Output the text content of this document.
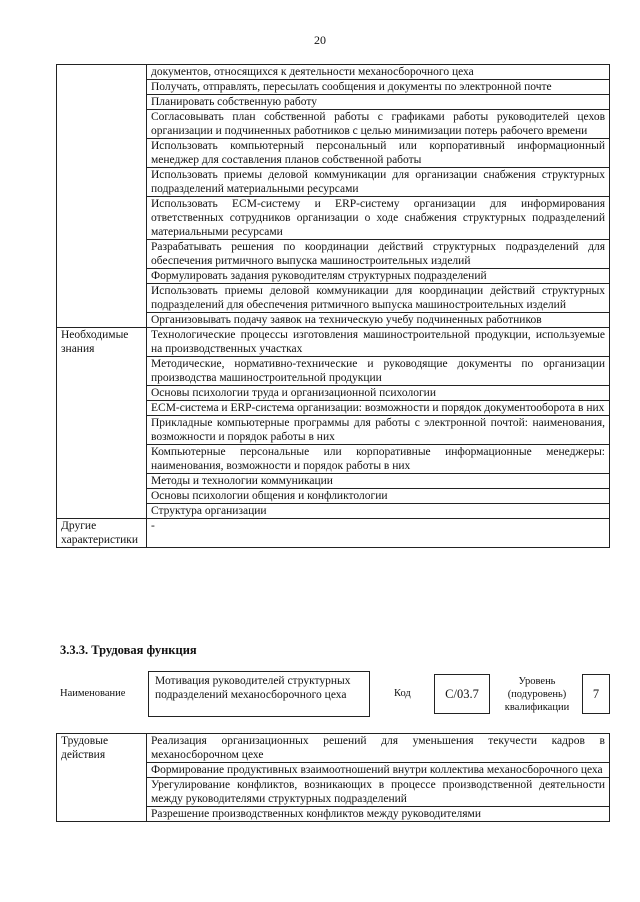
20
	документов, относящихся к деятельности механосборочного цеха
	Получать, отправлять, пересылать сообщения и документы по электронной почте
	Планировать собственную работу
	Согласовывать план собственной работы с графиками работы руководителей цехов организации и подчиненных работников с целью минимизации потерь рабочего времени
	Использовать компьютерный персональный или корпоративный информационный менеджер для составления планов собственной работы
	Использовать приемы деловой коммуникации для организации снабжения структурных подразделений материальными ресурсами
	Использовать ECM-систему и ERP-систему организации для информирования ответственных сотрудников организации о ходе снабжения структурных подразделений материальными ресурсами
	Разрабатывать решения по координации действий структурных подразделений для обеспечения ритмичного выпуска машиностроительных изделий
	Формулировать задания руководителям структурных подразделений
	Использовать приемы деловой коммуникации для координации действий структурных подразделений для обеспечения ритмичного выпуска машиностроительных изделий
	Организовывать подачу заявок на техническую учебу подчиненных работников
Необходимые знания	Технологические процессы изготовления машиностроительной продукции, используемые на производственных участках
	Методические, нормативно-технические и руководящие документы по организации производства машиностроительной продукции
	Основы психологии труда и организационной психологии
	ECM-система и ERP-система организации: возможности и порядок документооборота в них
	Прикладные компьютерные программы для работы с электронной почтой: наименования, возможности и порядок работы в них
	Компьютерные персональные или корпоративные информационные менеджеры: наименования, возможности и порядок работы в них
	Методы и технологии коммуникации
	Основы психологии общения и конфликтологии
	Структура организации
Другие характеристики	-
3.3.3. Трудовая функция
Наименование
Мотивация руководителей структурных подразделений механосборочного цеха	Код	C/03.7
Уровень (подуровень) квалификации
7
Трудовые действия	Реализация организационных решений для уменьшения текучести кадров в механосборочном цехе
Формирование продуктивных взаимоотношений внутри коллектива механосборочного цеха
Урегулирование конфликтов, возникающих в процессе производственной деятельности между руководителями структурных подразделений
Разрешение производственных конфликтов между руководителями
